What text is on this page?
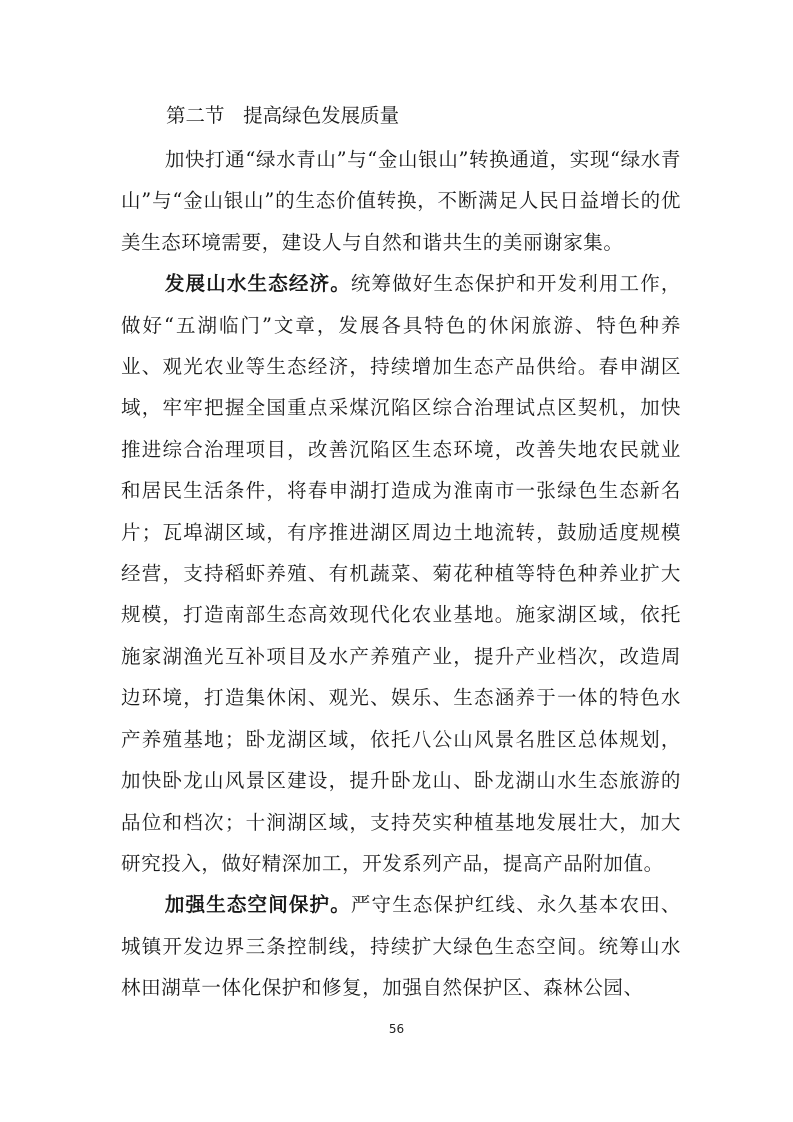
第二节   提高绿色发展质量

加快打通“绿水青山”与“金山银山”转换通道，实现“绿水青山”与“金山银山”的生态价值转换，不断满足人民日益增长的优美生态环境需要，建设人与自然和谐共生的美丽谢家集。

发展山水生态经济。统筹做好生态保护和开发利用工作，做好“五湖临门”文章，发展各具特色的休闲旅游、特色种养业、观光农业等生态经济，持续增加生态产品供给。春申湖区域，牢牢把握全国重点采煤沉陷区综合治理试点区契机，加快推进综合治理项目，改善沉陷区生态环境，改善失地农民就业和居民生活条件，将春申湖打造成为淮南市一张绿色生态新名片；瓦埠湖区域，有序推进湖区周边土地流转，鼓励适度规模经营，支持稻虾养殖、有机蔬菜、菊花种植等特色种养业扩大规模，打造南部生态高效现代化农业基地。施家湖区域，依托施家湖渔光互补项目及水产养殖产业，提升产业档次，改造周边环境，打造集休闲、观光、娱乐、生态涵养于一体的特色水产养殖基地；卧龙湖区域，依托八公山风景名胜区总体规划，加快卧龙山风景区建设，提升卧龙山、卧龙湖山水生态旅游的品位和档次；十涧湖区域，支持芡实种植基地发展壮大，加大研究投入，做好精深加工，开发系列产品，提高产品附加值。

加强生态空间保护。严守生态保护红线、永久基本农田、城镇开发边界三条控制线，持续扩大绿色生态空间。统筹山水林田湖草一体化保护和修复，加强自然保护区、森林公园、

56
